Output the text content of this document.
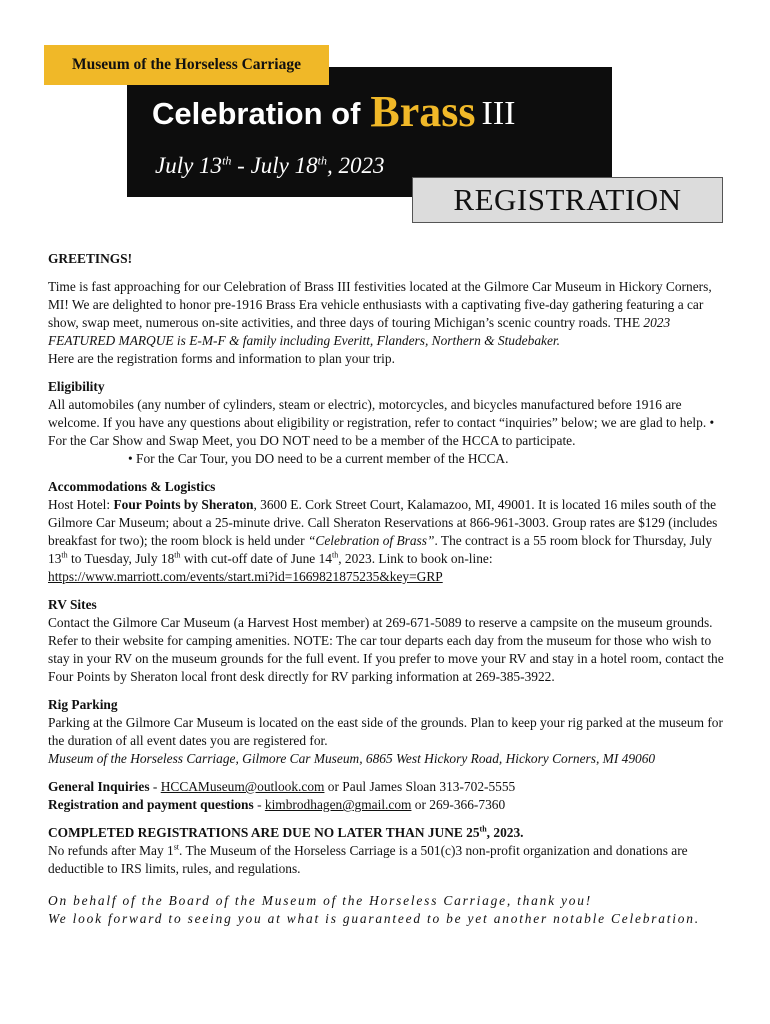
Museum of the Horseless Carriage
Celebration of Brass III
July 13th - July 18th, 2023
REGISTRATION

GREETINGS!

Time is fast approaching for our Celebration of Brass III festivities located at the Gilmore Car Museum in Hickory Corners, MI! We are delighted to honor pre-1916 Brass Era vehicle enthusiasts with a captivating five-day gathering featuring a car show, swap meet, numerous on-site activities, and three days of touring Michigan’s scenic country roads. THE 2023 FEATURED MARQUE is E-M-F & family including Everitt, Flanders, Northern & Studebaker.

Here are the registration forms and information to plan your trip.

Eligibility

All automobiles (any number of cylinders, steam or electric), motorcycles, and bicycles manufactured before 1916 are welcome. If you have any questions about eligibility or registration, refer to contact “inquiries” below; we are glad to help. • For the Car Show and Swap Meet, you DO NOT need to be a member of the HCCA to participate.

• For the Car Tour, you DO need to be a current member of the HCCA.

Accommodations & Logistics

Host Hotel: Four Points by Sheraton, 3600 E. Cork Street Court, Kalamazoo, MI, 49001. It is located 16 miles south of the Gilmore Car Museum; about a 25-minute drive. Call Sheraton Reservations at 866-961-3003. Group rates are $129 (includes breakfast for two); the room block is held under “Celebration of Brass”. The contract is a 55 room block for Thursday, July 13th to Tuesday, July 18th with cut-off date of June 14th, 2023. Link to book on-line:
https://www.marriott.com/events/start.mi?id=1669821875235&key=GRP

RV Sites

Contact the Gilmore Car Museum (a Harvest Host member) at 269-671-5089 to reserve a campsite on the museum grounds. Refer to their website for camping amenities. NOTE: The car tour departs each day from the museum for those who wish to stay in your RV on the museum grounds for the full event. If you prefer to move your RV and stay in a hotel room, contact the Four Points by Sheraton local front desk directly for RV parking information at 269-385-3922.

Rig Parking

Parking at the Gilmore Car Museum is located on the east side of the grounds. Plan to keep your rig parked at the museum for the duration of all event dates you are registered for.

Museum of the Horseless Carriage, Gilmore Car Museum, 6865 West Hickory Road, Hickory Corners, MI 49060

General Inquiries - HCCAMuseum@outlook.com or Paul James Sloan 313-702-5555

Registration and payment questions - kimbrodhagen@gmail.com or 269-366-7360

COMPLETED REGISTRATIONS ARE DUE NO LATER THAN JUNE 25th, 2023.

No refunds after May 1st. The Museum of the Horseless Carriage is a 501(c)3 non-profit organization and donations are deductible to IRS limits, rules, and regulations.

On behalf of the Board of the Museum of the Horseless Carriage, thank you!

We look forward to seeing you at what is guaranteed to be yet another notable Celebration.
